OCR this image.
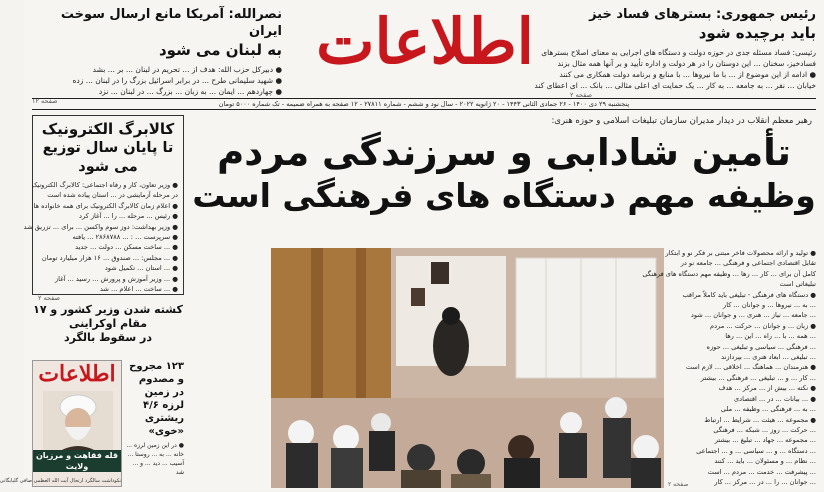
اطلاعات	رئیس جمهوری: بسترهای فساد خیز
باید برچیده شود
رئیسی: فساد مسئله جدی در حوزه دولت و دستگاه های اجرایی به معنای اصلاح بسترهای
فسادخیز، سخنان ... این دوستان را در هر دولت و اداره تأیید و بر آنها همه مثال بزند
● ادامه از این موضوع از ... با ما نیروها ... با منابع و برنامه دولت همکاری می کنند
خیابان ... نفر ... به جامعه ... به کار ... یک حمایت ای اعلی مثالی ... بانک ... ای اعطای کند
صفحه ۲
نصرالله: آمریکا مانع ارسال سوخت ایران
به لبنان می شود
● دبیرکل حزب الله: هدف از ... تحریم در لبنان ... بر ... بشد
● شهید سلیمانی طرح ... در برابر اسرائیل بزرگ را در لبنان ... زده
● چهاردهم ... ایمان ... به زبان ... بزرگ ... در لبنان ... نزد
صفحه ۱۲	پنجشنبه ۲۹ دی ۱۴۰۰ - ۲۶ جمادی الثانی ۱۴۴۳ - ۲۰ ژانویه ۲۰۲۲ - سال نود و ششم - شماره ۲۷۸۱۱ - ۱۲ صفحه به همراه ضمیمه - تک شماره ۵۰۰۰ تومان
کالابرگ الکترونیک
تا پایان سال توزیع می شود
● وزیر تعاون، کار و رفاه اجتماعی: کالابرگ الکترونیک
در مرحله آزمایشی در ... استان پیاده شده است
● اعلام زمان کالابرگ الکترونیک برای همه خانواده ها
● رئیس ... مرحله ... را ... آغاز کرد
● وزیر بهداشت: دوز سوم واکسن ... برای ... تزریق شد
● سرپرست ... : ... ۲۸۶۸۷۸۸ ... یافته
● ... ساخت مسکن ... دولت ... جدید
● ... مجلس: ... صندوق ... ۱۶ هزار میلیارد تومان
● ... استان ... تکمیل شود
● ... وزیر آموزش و پرورش ... رسید ... آغاز
● ... ساخت ... اعلام ... شد
صفحه ۲
کشته شدن وزیر کشور و ۱۷ مقام اوکراینی
در سقوط بالگرد
اطلاعات
قله فقاهت و مرزبان ولایت
نکوداشت سالگرد ارتحال آیت الله العظمی صافی گلپایگانی
۱۲۳ مجروح و مصدوم در زمین لرزه ۴/۶ ریشتری «خوی»
● در این زمین لرزه ... خانه ... به ... روستا ... آسیب ... دید ... و ... شد
رهبر معظم انقلاب در دیدار مدیران سازمان تبلیغات اسلامی و حوزه هنری:
تأمین شادابی و سرزندگی مردم
وظیفه مهم دستگاه های فرهنگی است
● تولید و ارائه محصولات فاخر مبتنی بر فکر نو و ابتکار
تقابل اقتصادی اجتماعی و فرهنگی ... جامعه نو در
کامل آن برای ... کار ... رها ... وظیفه مهم دستگاه های فرهنگی
تبلیغاتی است
● دستگاه های فرهنگی - تبلیغی باید کاملاً مراقب
... به ... نیروها ... و جوانان ... کار
... جامعه ... نیاز ... هنری ... و جوانان ... شود
● زبان ... و جوانان ... حرکت ... مردم
... همه ... با ... راه ... این ... رها
... فرهنگی ... سیاسی و تبلیغی ... حوزه
... تبلیغی ... ابعاد هنری ... بپردازند
● هنرمندان ... هماهنگ ... اخلاقی ... لازم است
... کار ... و ... تبلیغی ... فرهنگی ... بیشتر
● نکته ... بیش از ... مرکز ... هدف
● ... بیانات ... در ... اقتصادی
... به ... فرهنگی ... وظیفه ... ملی
● مجموعه ... هیئت ... شرایط ... ارتباط
... حرکت ... روز ... شبکه ... فرهنگی
... مجموعه ... جهاد ... تبلیغ ... بیشتر
... دستگاه ... و ... سیاسی ... و ... اجتماعی
... نظام ... و مسئولان ... باید ... کنند
... پیشرفت ... خدمت ... مردم ... است
... جوانان ... را ... در ... مرکز ... کار
صفحه ۲
